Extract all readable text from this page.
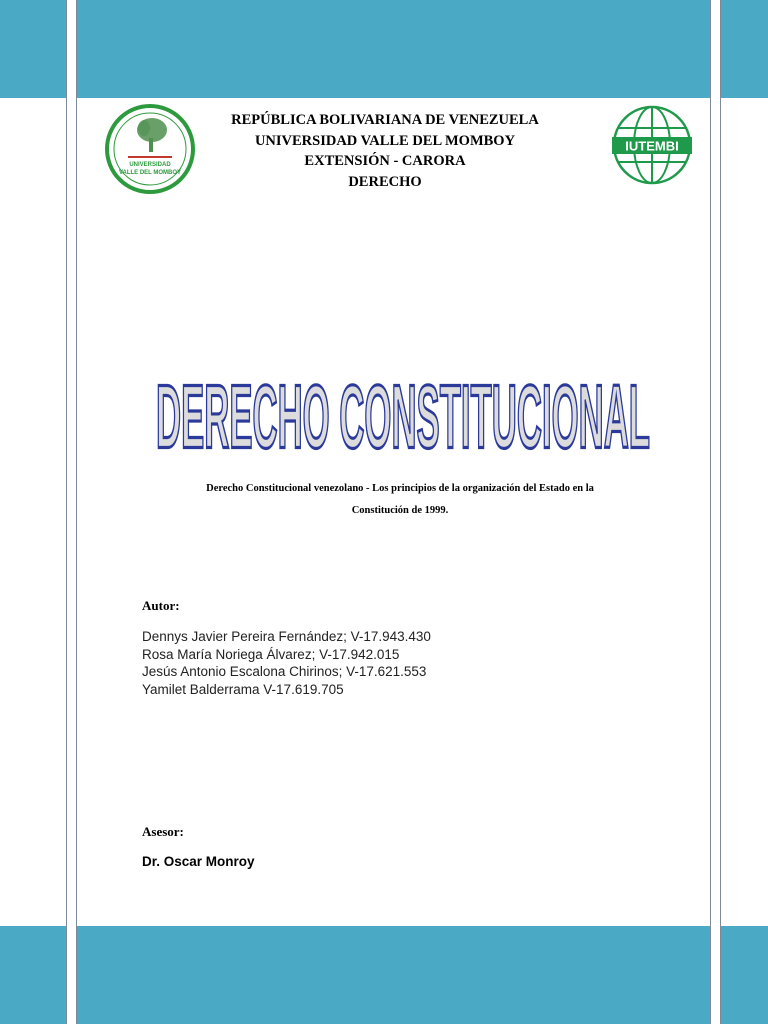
UNIVERSIDAD
VALLE DEL MOMBOY
IUTEMBI
REPÚBLICA BOLIVARIANA DE VENEZUELA
UNIVERSIDAD VALLE DEL MOMBOY
EXTENSIÓN - CARORA
DERECHO
DERECHO CONSTITUCIONAL
Derecho Constitucional venezolano - Los principios de la organización del Estado en la
Constitución de 1999.
Autor:
Dennys Javier Pereira Fernández; V-17.943.430
Rosa María Noriega Álvarez; V-17.942.015
Jesús Antonio Escalona Chirinos; V-17.621.553
Yamilet Balderrama V-17.619.705
Asesor:
Dr. Oscar Monroy
